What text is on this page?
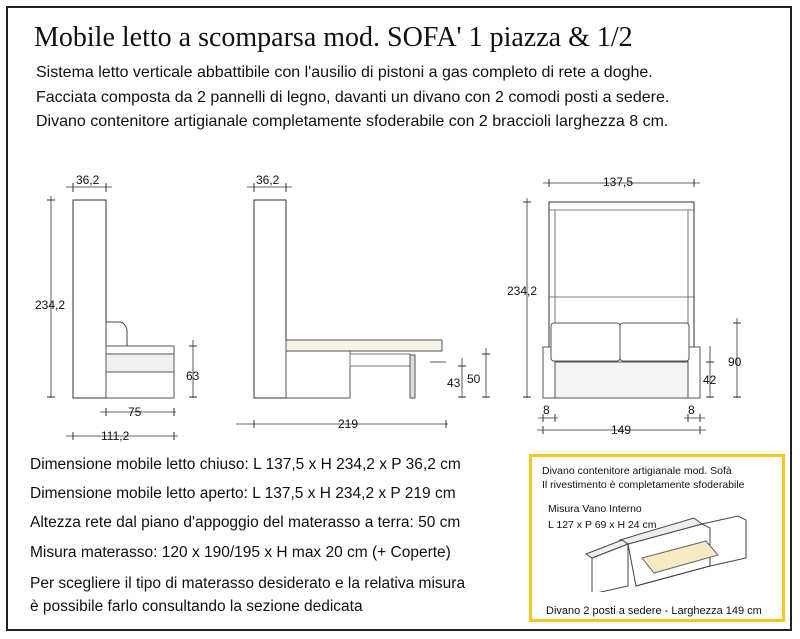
Mobile letto a scomparsa mod. SOFA' 1 piazza & 1/2
Sistema letto verticale abbattibile con l'ausilio di pistoni a gas completo di rete a doghe.
Facciata composta da 2 pannelli di legno, davanti un divano con 2 comodi posti a sedere.
Divano contenitore artigianale completamente sfoderabile con 2 braccioli larghezza 8 cm.
36,2
234,2
63
75
111,2
36,2
219
43 50
137,5
234,2
42
90
8	8
149
Dimensione mobile letto chiuso: L 137,5 x H 234,2 x P 36,2 cm
Dimensione mobile letto aperto: L 137,5 x H 234,2 x P 219 cm
Altezza rete dal piano d'appoggio del materasso a terra: 50 cm
Misura materasso: 120 x 190/195 x H max 20 cm (+ Coperte)
Per scegliere il tipo di materasso desiderato e la relativa misura
è possibile farlo consultando la sezione dedicata
Divano contenitore artigianale mod. Sofà
Il rivestimento è completamente sfoderabile
Misura Vano Interno
L 127 x P 69 x H 24 cm
Divano 2 posti a sedere - Larghezza 149 cm
